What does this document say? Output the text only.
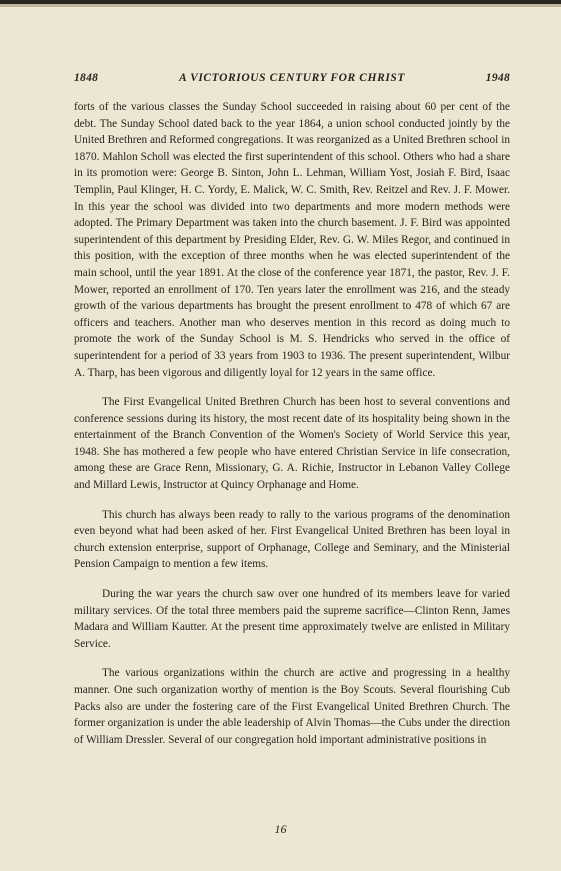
1848	A VICTORIOUS CENTURY FOR CHRIST	1948

forts of the various classes the Sunday School succeeded in raising about 60 per cent of the debt. The Sunday School dated back to the year 1864, a union school conducted jointly by the United Brethren and Reformed congregations. It was reorganized as a United Brethren school in 1870. Mahlon Scholl was elected the first superintendent of this school. Others who had a share in its promotion were: George B. Sinton, John L. Lehman, William Yost, Josiah F. Bird, Isaac Templin, Paul Klinger, H. C. Yordy, E. Malick, W. C. Smith, Rev. Reitzel and Rev. J. F. Mower. In this year the school was divided into two departments and more modern methods were adopted. The Primary Department was taken into the church basement. J. F. Bird was appointed superintendent of this department by Presiding Elder, Rev. G. W. Miles Regor, and continued in this position, with the exception of three months when he was elected superintendent of the main school, until the year 1891. At the close of the conference year 1871, the pastor, Rev. J. F. Mower, reported an enrollment of 170. Ten years later the enrollment was 216, and the steady growth of the various departments has brought the present enrollment to 478 of which 67 are officers and teachers. Another man who deserves mention in this record as doing much to promote the work of the Sunday School is M. S. Hendricks who served in the office of superintendent for a period of 33 years from 1903 to 1936. The present superintendent, Wilbur A. Tharp, has been vigorous and diligently loyal for 12 years in the same office.

The First Evangelical United Brethren Church has been host to several conventions and conference sessions during its history, the most recent date of its hospitality being shown in the entertainment of the Branch Convention of the Women's Society of World Service this year, 1948. She has mothered a few people who have entered Christian Service in life consecration, among these are Grace Renn, Missionary, G. A. Richie, Instructor in Lebanon Valley College and Millard Lewis, Instructor at Quincy Orphanage and Home.

This church has always been ready to rally to the various programs of the denomination even beyond what had been asked of her. First Evangelical United Brethren has been loyal in church extension enterprise, support of Orphanage, College and Seminary, and the Ministerial Pension Campaign to mention a few items.

During the war years the church saw over one hundred of its members leave for varied military services. Of the total three members paid the supreme sacrifice—Clinton Renn, James Madara and William Kautter. At the present time approximately twelve are enlisted in Military Service.

The various organizations within the church are active and progressing in a healthy manner. One such organization worthy of mention is the Boy Scouts. Several flourishing Cub Packs also are under the fostering care of the First Evangelical United Brethren Church. The former organization is under the able leadership of Alvin Thomas—the Cubs under the direction of William Dressler. Several of our congregation hold important administrative positions in

16
